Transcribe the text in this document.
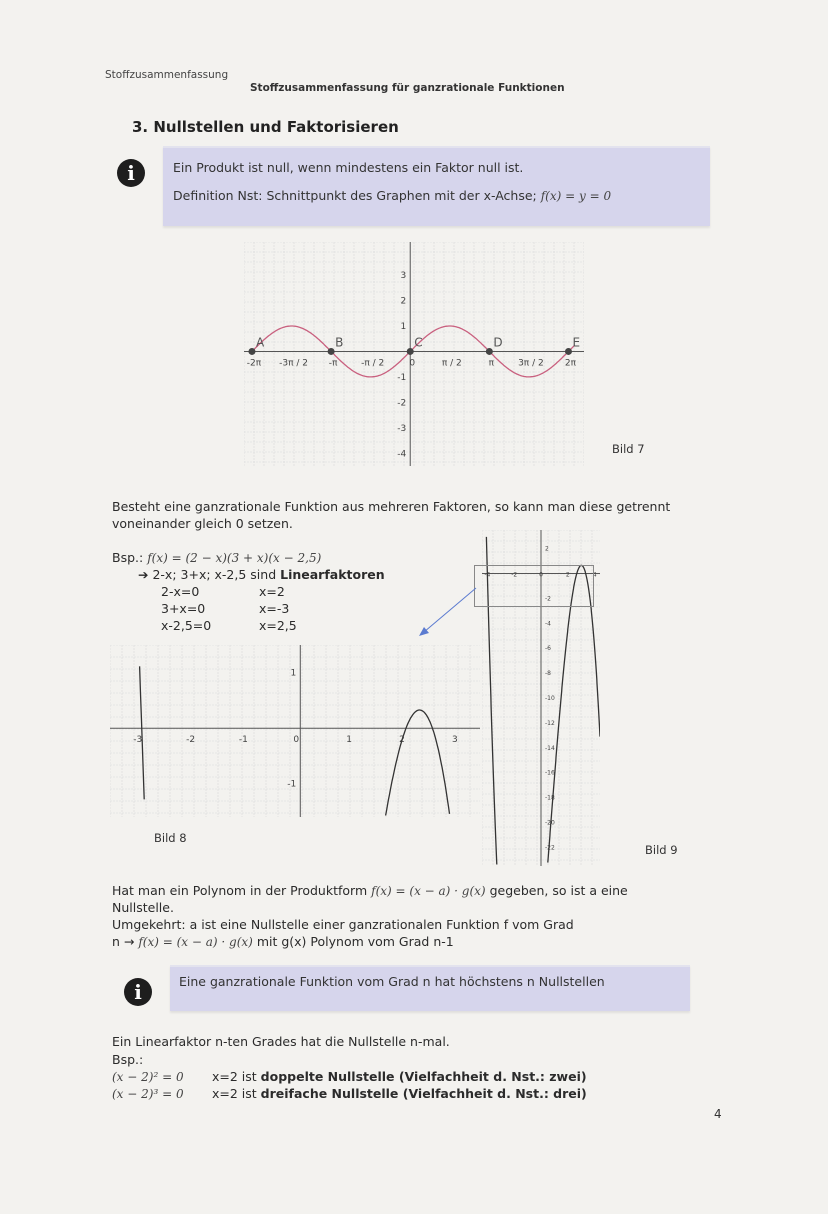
Stoffzusammenfassung
Stoffzusammenfassung für ganzrationale Funktionen
3. Nullstellen und Faktorisieren
i	Ein Produkt ist null, wenn mindestens ein Faktor null ist.
Definition Nst: Schnittpunkt des Graphen mit der x-Achse; f(x) = y = 0
-2π -3π / 2 -π	-π / 2	0	π / 2	π	3π / 2 2π
3
2
1
-1
-2
-3
-4
A	B	C	D	E
Bild 7
Besteht eine ganzrationale Funktion aus mehreren Faktoren, so kann man diese getrennt voneinander gleich 0 setzen.
Bsp.: f(x) = (2 − x)(3 + x)(x − 2,5)
➔ 2-x; 3+x; x-2,5 sind Linearfaktoren
2-x=0	x=2
3+x=0	x=-3
x-2,5=0	x=2,5
-3	-2	-1	0	1	2	3
1
-1
Bild 8
-4	-2	0	2	4
2
-2
-4
-6
-8
-10
-12
-14
-16
-18
-20
-22	Bild 9
Hat man ein Polynom in der Produktform f(x) = (x − a) · g(x) gegeben, so ist a eine
Nullstelle.
Umgekehrt: a ist eine Nullstelle einer ganzrationalen Funktion f vom Grad
n → f(x) = (x − a) · g(x) mit g(x) Polynom vom Grad n-1
i	Eine ganzrationale Funktion vom Grad n hat höchstens n Nullstellen
Ein Linearfaktor n-ten Grades hat die Nullstelle n-mal.
Bsp.:
(x − 2)² = 0 x=2 ist doppelte Nullstelle (Vielfachheit d. Nst.: zwei)
(x − 2)³ = 0 x=2 ist dreifache Nullstelle (Vielfachheit d. Nst.: drei)
4
